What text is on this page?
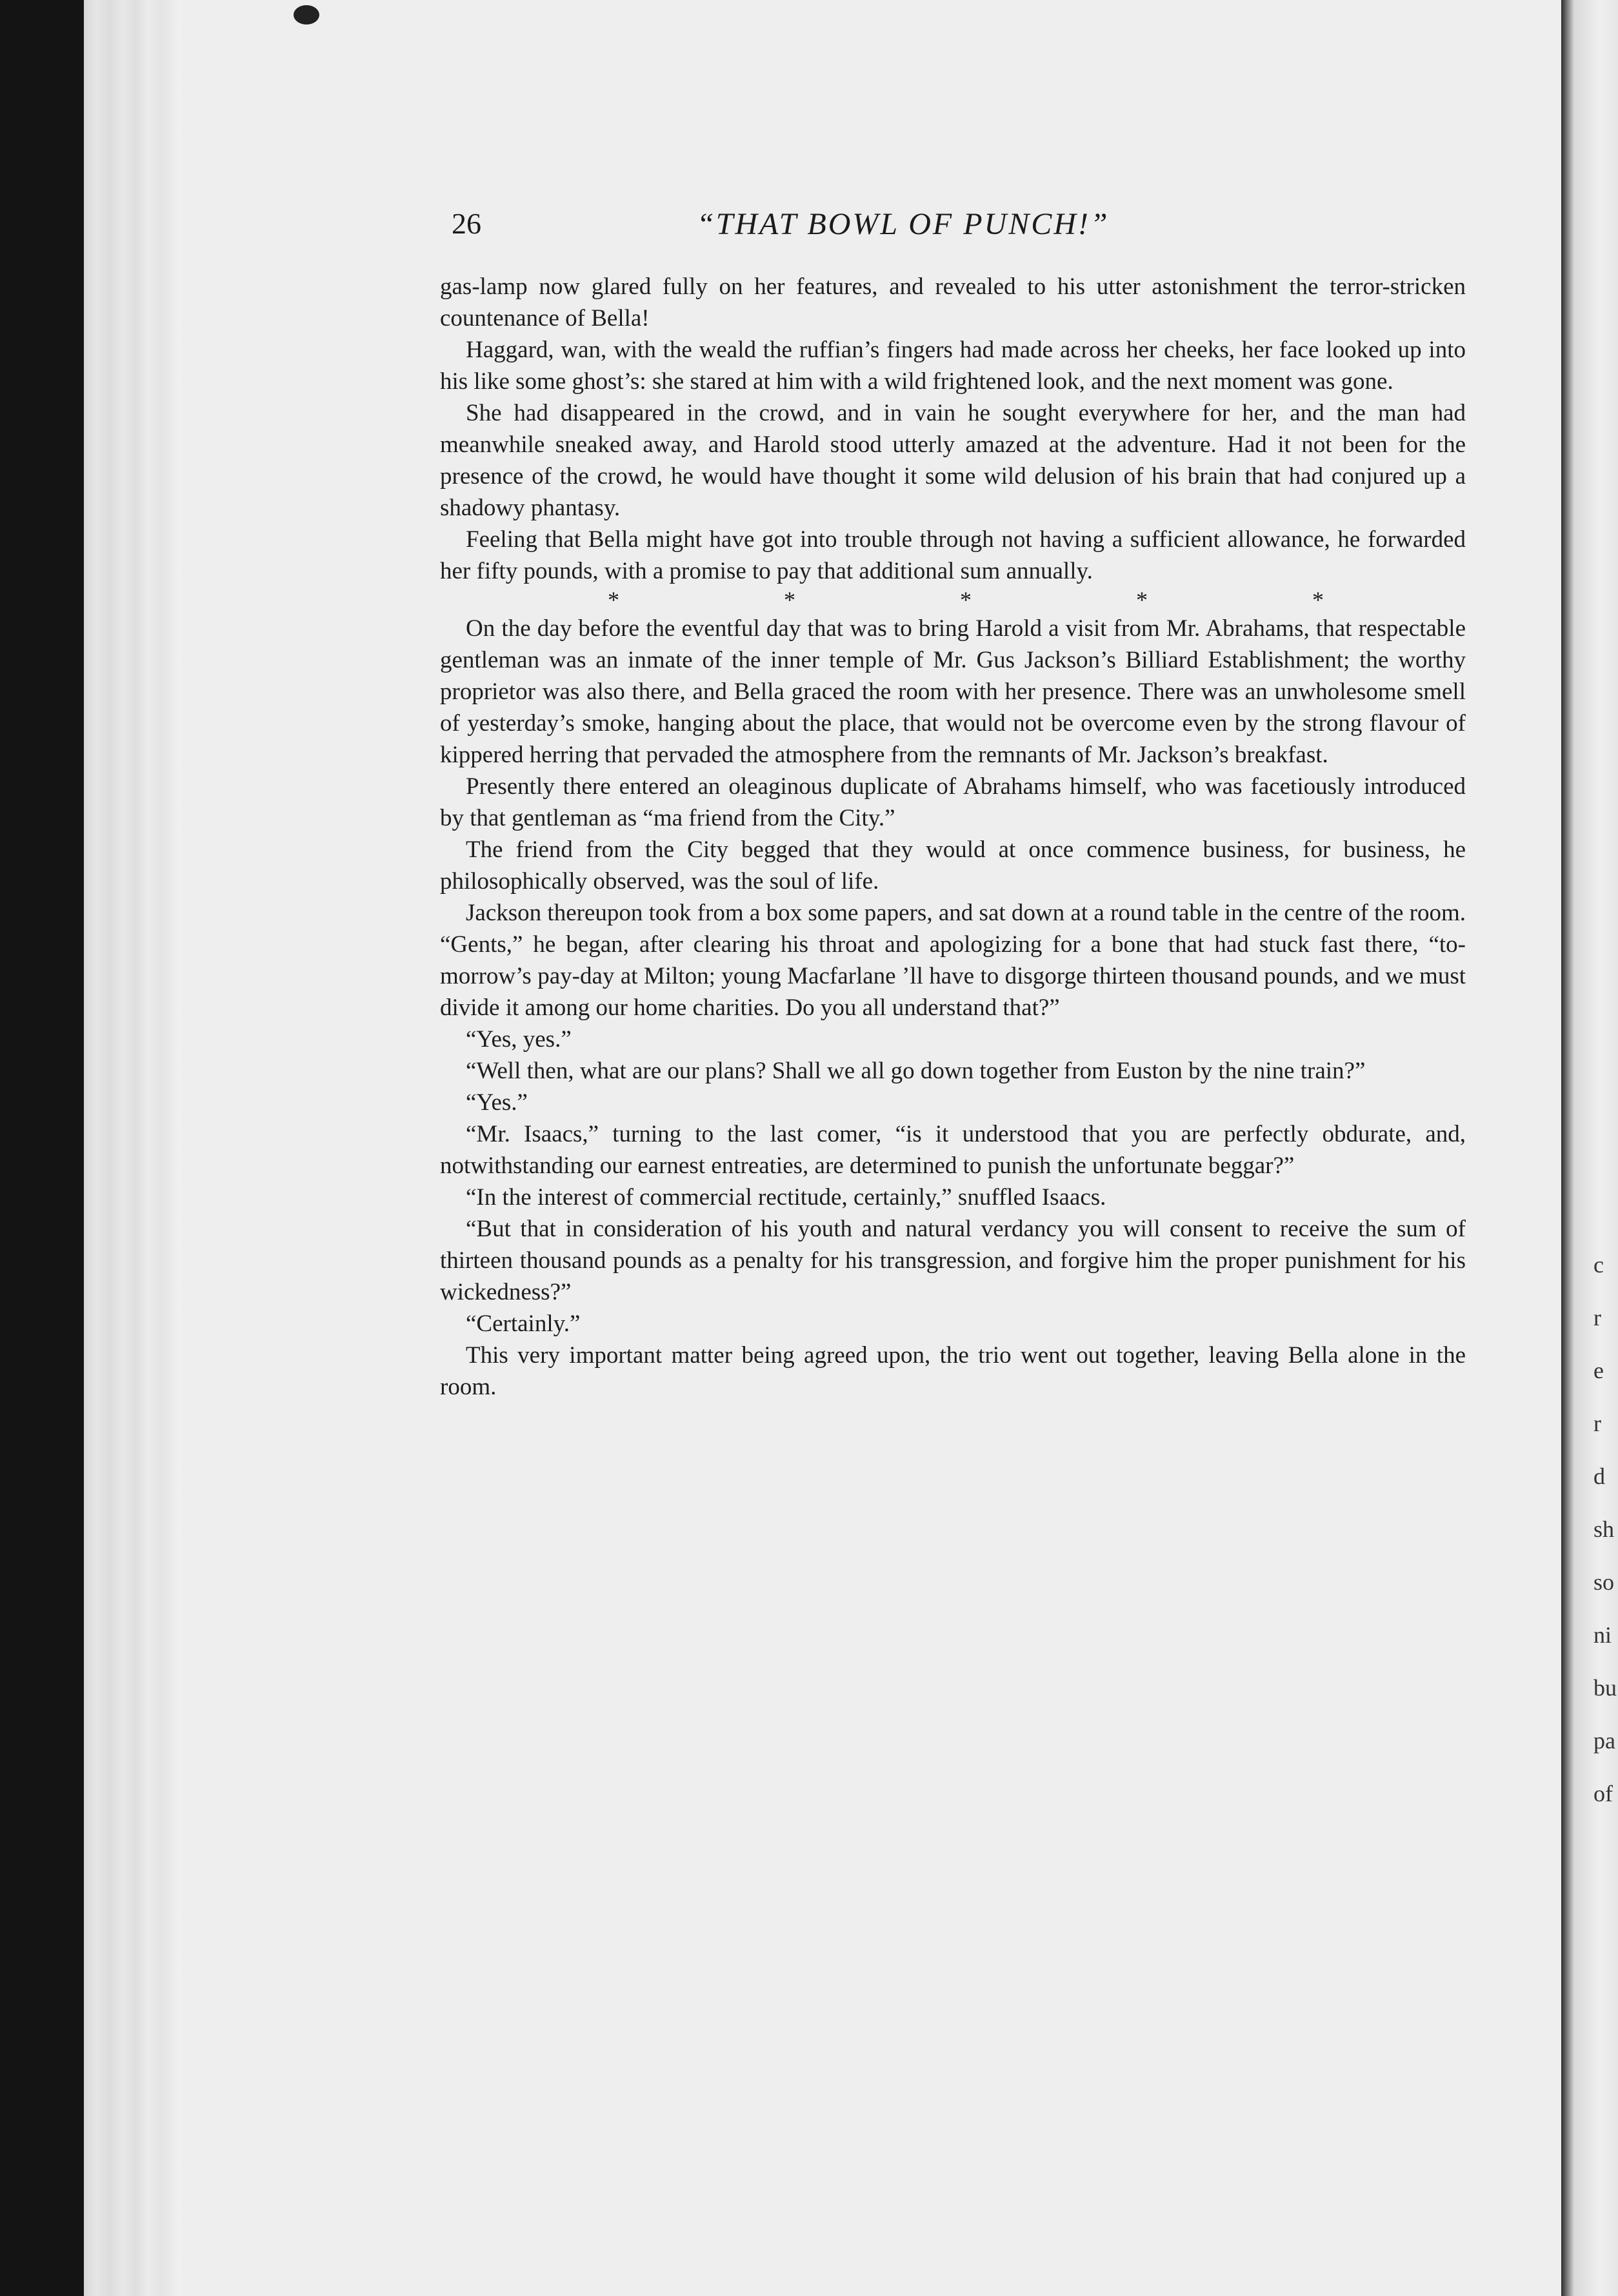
26	“THAT BOWL OF PUNCH!”

gas-lamp now glared fully on her features, and revealed to his utter astonishment the terror-stricken countenance of Bella!

Haggard, wan, with the weald the ruffian’s fingers had made across her cheeks, her face looked up into his like some ghost’s: she stared at him with a wild frightened look, and the next moment was gone.

She had disappeared in the crowd, and in vain he sought everywhere for her, and the man had meanwhile sneaked away, and Harold stood utterly amazed at the adventure. Had it not been for the presence of the crowd, he would have thought it some wild delusion of his brain that had conjured up a shadowy phantasy.

Feeling that Bella might have got into trouble through not having a sufficient allowance, he forwarded her fifty pounds, with a promise to pay that additional sum annually.

*	*	*	*	*

On the day before the eventful day that was to bring Harold a visit from Mr. Abrahams, that respectable gentleman was an inmate of the inner temple of Mr. Gus Jackson’s Billiard Establishment; the worthy proprietor was also there, and Bella graced the room with her presence. There was an unwholesome smell of yesterday’s smoke, hanging about the place, that would not be overcome even by the strong flavour of kippered herring that pervaded the atmosphere from the remnants of Mr. Jackson’s breakfast.

Presently there entered an oleaginous duplicate of Abrahams himself, who was facetiously introduced by that gentleman as “ma friend from the City.”

The friend from the City begged that they would at once commence business, for business, he philosophically observed, was the soul of life.

Jackson thereupon took from a box some papers, and sat down at a round table in the centre of the room. “Gents,” he began, after clearing his throat and apologizing for a bone that had stuck fast there, “to-morrow’s pay-day at Milton; young Macfarlane ’ll have to disgorge thirteen thousand pounds, and we must divide it among our home charities. Do you all understand that?”

“Yes, yes.”

“Well then, what are our plans? Shall we all go down together from Euston by the nine train?”

“Yes.”

“Mr. Isaacs,” turning to the last comer, “is it understood that you are perfectly obdurate, and, notwithstanding our earnest entreaties, are determined to punish the unfortunate beggar?”

“In the interest of commercial rectitude, certainly,” snuffled Isaacs.

“But that in consideration of his youth and natural verdancy you will consent to receive the sum of thirteen thousand pounds as a penalty for his transgression, and forgive him the proper punishment for his wickedness?”

“Certainly.”

This very important matter being agreed upon, the trio went out together, leaving Bella alone in the room.

c
r
e
r
d
sh
so
ni
bu
pa
of
